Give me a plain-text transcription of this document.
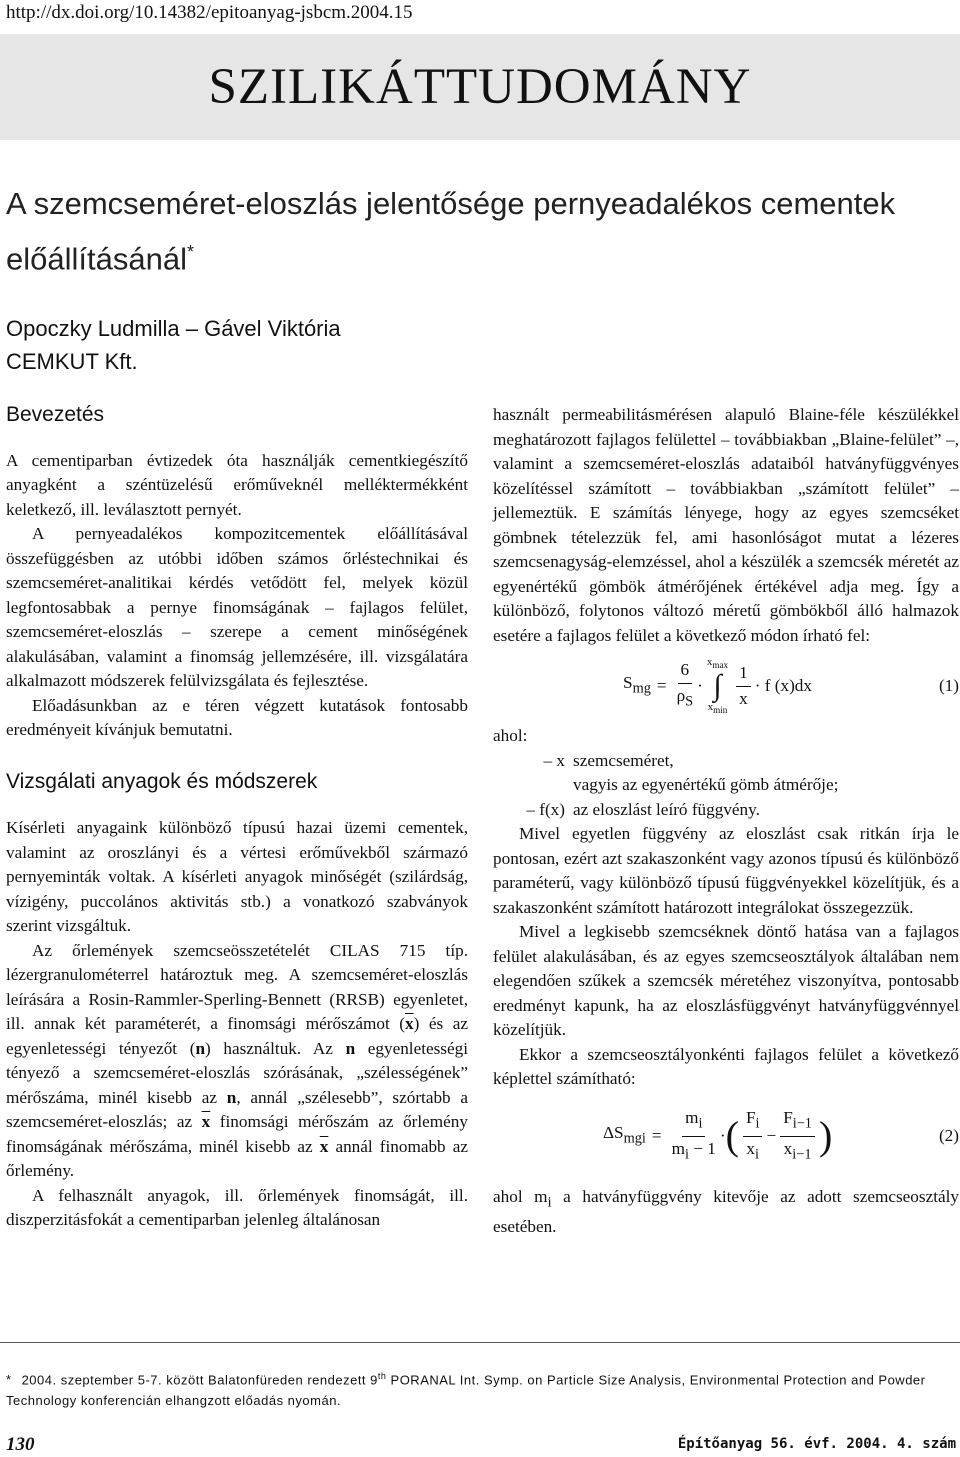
http://dx.doi.org/10.14382/epitoanyag-jsbcm.2004.15
SZILIKÁTTUDOMÁNY
A szemcseméret-eloszlás jelentősége pernyeadalékos cementek előállításánál*
Opoczky Ludmilla – Gável Viktória
CEMKUT Kft.
Bevezetés

A cementiparban évtizedek óta használják cementkiegészítő anyagként a széntüzelésű erőműveknél melléktermékként keletkező, ill. leválasztott pernyét.

A pernyeadalékos kompozitcementek előállításával összefüggésben az utóbbi időben számos őrléstechnikai és szemcseméret-analitikai kérdés vetődött fel, melyek közül legfontosabbak a pernye finomságának – fajlagos felület, szemcseméret-eloszlás – szerepe a cement minőségének alakulásában, valamint a finomság jellemzésére, ill. vizsgálatára alkalmazott módszerek felülvizsgálata és fejlesztése.

Előadásunkban az e téren végzett kutatások fontosabb eredményeit kívánjuk bemutatni.

Vizsgálati anyagok és módszerek

Kísérleti anyagaink különböző típusú hazai üzemi cementek, valamint az oroszlányi és a vértesi erőművekből származó pernyeminták voltak. A kísérleti anyagok minőségét (szilárdság, vízigény, puccolános aktivitás stb.) a vonatkozó szabványok szerint vizsgáltuk.

Az őrlemények szemcseösszetételét CILAS 715 típ. lézergranulométerrel határoztuk meg. A szemcseméret-eloszlás leírására a Rosin-Rammler-Sperling-Bennett (RRSB) egyenletet, ill. annak két paraméterét, a finomsági mérőszámot $(\overline{x})$ és az egyenletességi tényezőt (n) használtuk. Az n egyenletességi tényező a szemcseméret-eloszlás szórásának, „szélességének” mérőszáma, minél kisebb az n, annál „szélesebb”, szórtabb a szemcseméret-eloszlás; az $\overline{x}$ finomsági mérőszám az őrlemény finomságának mérőszáma, minél kisebb az $\overline{x}$ annál finomabb az őrlemény.

A felhasznált anyagok, ill. őrlemények finomságát, ill. diszperzitásfokát a cementiparban jelenleg általánosan

használt permeabilitásmérésen alapuló Blaine-féle készülékkel meghatározott fajlagos felülettel – továbbiakban „Blaine-felület” –, valamint a szemcseméret-eloszlás adataiból hatványfüggvényes közelítéssel számított – továbbiakban „számított felület” – jellemeztük. E számítás lényege, hogy az egyes szemcséket gömbnek tételezzük fel, ami hasonlóságot mutat a lézeres szemcsenagyság-elemzéssel, ahol a készülék a szemcsék méretét az egyenértékű gömbök átmérőjének értékével adja meg. Így a különböző, folytonos változó méretű gömbökből álló halmazok esetére a fajlagos felület a következő módon írható fel:

$S_{mg} = \frac{6}{\rho_S}$ ·
$x_{max}$
∫
$x_{min} \frac{1}{x} \cdot f$ (x)dx	(1)

ahol:

– x szemcseméret,
vagyis az egyenértékű gömb átmérője;
– f(x) az eloszlást leíró függvény.

Mivel egyetlen függvény az eloszlást csak ritkán írja le pontosan, ezért azt szakaszonként vagy azonos típusú és különböző paraméterű, vagy különböző típusú függvényekkel közelítjük, és a szakaszonként számított határozott integrálokat összegezzük.

Mivel a legkisebb szemcséknek döntő hatása van a fajlagos felület alakulásában, és az egyes szemcseosztályok általában nem elegendően szűkek a szemcsék méretéhez viszonyítva, pontosabb eredményt kapunk, ha az eloszlásfüggvényt hatványfüggvénnyel közelítjük.

Ekkor a szemcseosztályonkénti fajlagos felület a következő képlettel számítható:

$\Delta S_{mgi} = \frac{m_i}{m_i - 1}$ · ( $\frac{F_i}{x_i} - \frac{F_{i-1}}{x_{i-1}}$ )	(2)

ahol $m_i$ a hatványfüggvény kitevője az adott szemcseosztály esetében.

* 2004. szeptember 5-7. között Balatonfüreden rendezett 9th PORANAL Int. Symp. on Particle Size Analysis, Environmental Protection and Powder Technology konferencián elhangzott előadás nyomán.
130	Építőanyag 56. évf. 2004. 4. szám
